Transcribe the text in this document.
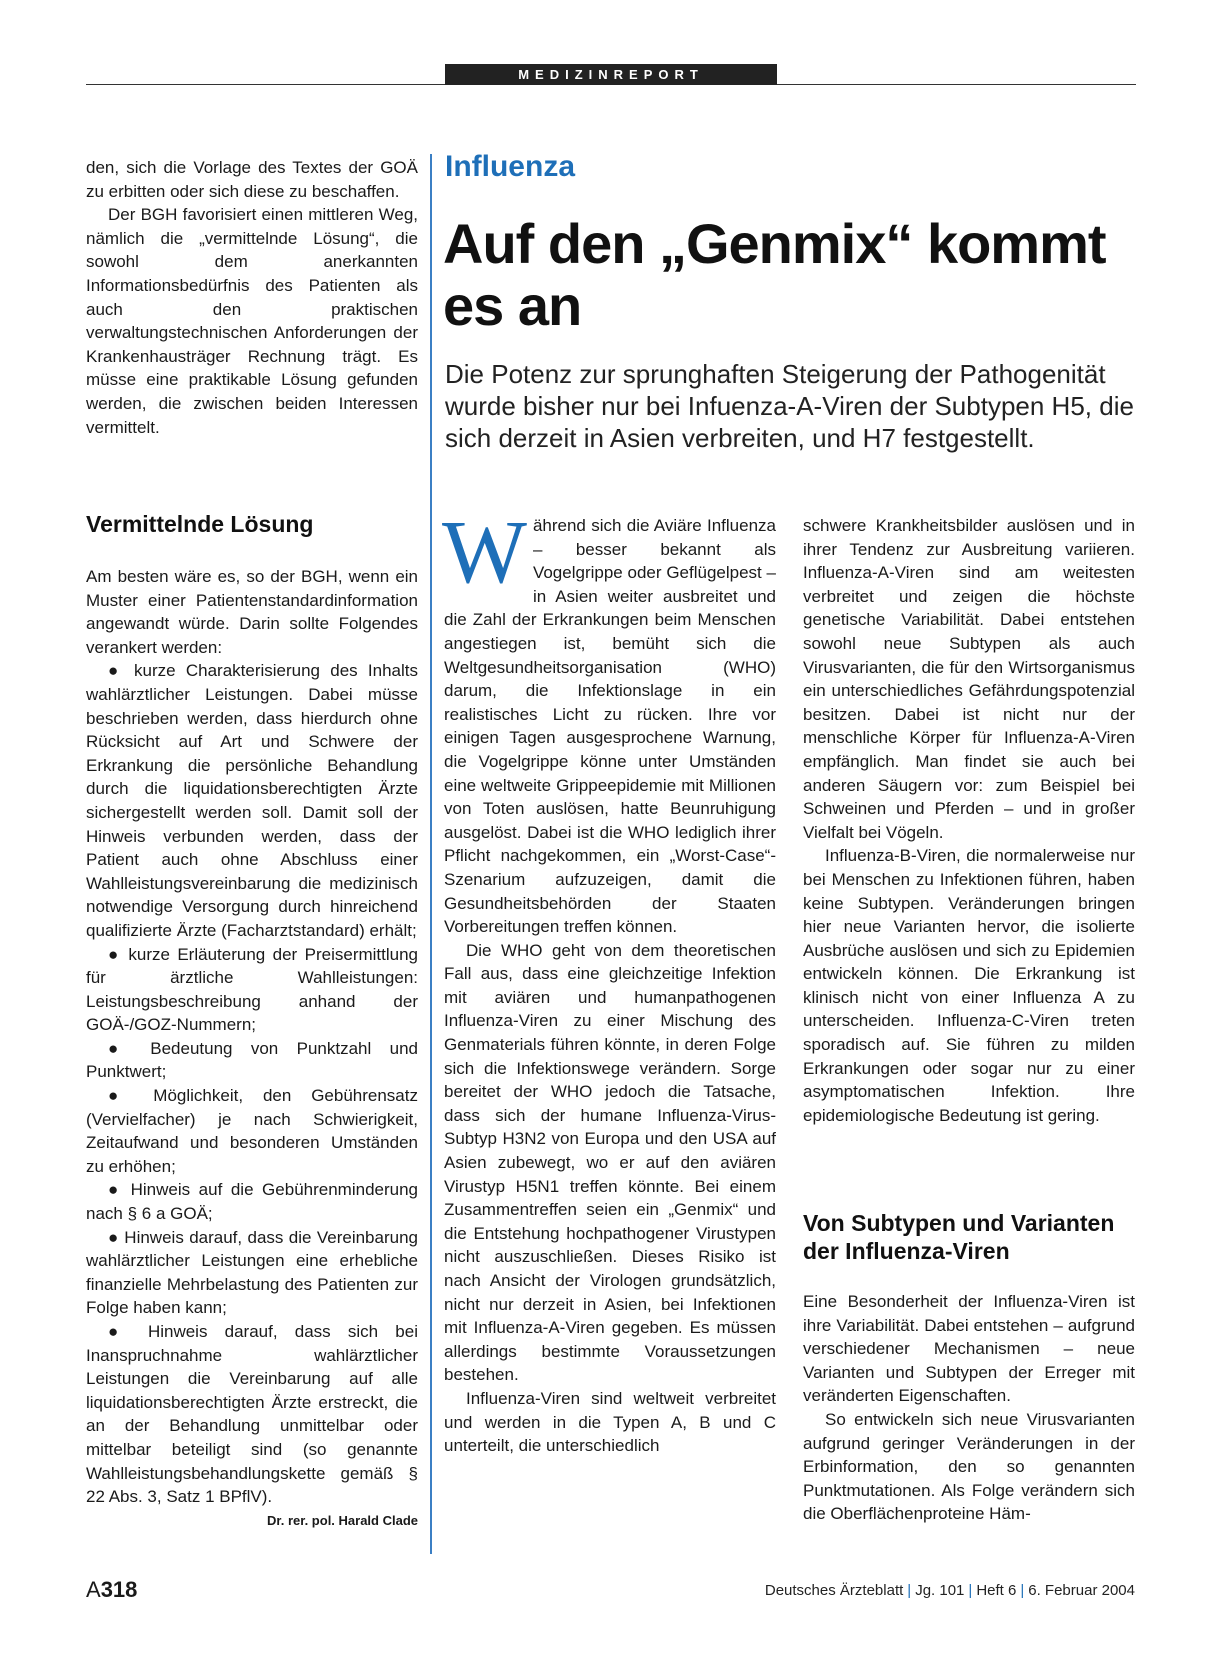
MEDIZINREPORT

den, sich die Vorlage des Textes der GOÄ zu erbitten oder sich diese zu beschaffen.

Der BGH favorisiert einen mittleren Weg, nämlich die „vermittelnde Lösung“, die sowohl dem anerkannten Informationsbedürfnis des Patienten als auch den praktischen verwaltungstechnischen Anforderungen der Krankenhausträger Rechnung trägt. Es müsse eine praktikable Lösung gefunden werden, die zwischen beiden Interessen vermittelt.

Vermittelnde Lösung

Am besten wäre es, so der BGH, wenn ein Muster einer Patientenstandardinformation angewandt würde. Darin sollte Folgendes verankert werden:

● kurze Charakterisierung des Inhalts wahlärztlicher Leistungen. Dabei müsse beschrieben werden, dass hierdurch ohne Rücksicht auf Art und Schwere der Erkrankung die persönliche Behandlung durch die liquidationsberechtigten Ärzte sichergestellt werden soll. Damit soll der Hinweis verbunden werden, dass der Patient auch ohne Abschluss einer Wahlleistungsvereinbarung die medizinisch notwendige Versorgung durch hinreichend qualifizierte Ärzte (Facharztstandard) erhält;

● kurze Erläuterung der Preisermittlung für ärztliche Wahlleistungen: Leistungsbeschreibung anhand der GOÄ-/GOZ-Nummern;

● Bedeutung von Punktzahl und Punktwert;

● Möglichkeit, den Gebührensatz (Vervielfacher) je nach Schwierigkeit, Zeitaufwand und besonderen Umständen zu erhöhen;

● Hinweis auf die Gebührenminderung nach § 6 a GOÄ;

● Hinweis darauf, dass die Vereinbarung wahlärztlicher Leistungen eine erhebliche finanzielle Mehrbelastung des Patienten zur Folge haben kann;

● Hinweis darauf, dass sich bei Inanspruchnahme wahlärztlicher Leistungen die Vereinbarung auf alle liquidationsberechtigten Ärzte erstreckt, die an der Behandlung unmittelbar oder mittelbar beteiligt sind (so genannte Wahlleistungsbehandlungskette gemäß § 22 Abs. 3, Satz 1 BPflV).

Dr. rer. pol. Harald Clade
Influenza
Auf den „Genmix“ kommt es an
Die Potenz zur sprunghaften Steigerung der Pathogenität wurde bisher nur bei Infuenza-A-Viren der Subtypen H5, die sich derzeit in Asien verbreiten, und H7 festgestellt.

Während sich die Aviäre Influenza – besser bekannt als Vogelgrippe oder Geflügelpest – in Asien weiter ausbreitet und die Zahl der Erkrankungen beim Menschen angestiegen ist, bemüht sich die Weltgesundheitsorganisation (WHO) darum, die Infektionslage in ein realistisches Licht zu rücken. Ihre vor einigen Tagen ausgesprochene Warnung, die Vogelgrippe könne unter Umständen eine weltweite Grippeepidemie mit Millionen von Toten auslösen, hatte Beunruhigung ausgelöst. Dabei ist die WHO lediglich ihrer Pflicht nachgekommen, ein „Worst-Case“-Szenarium aufzuzeigen, damit die Gesundheitsbehörden der Staaten Vorbereitungen treffen können.

Die WHO geht von dem theoretischen Fall aus, dass eine gleichzeitige Infektion mit aviären und humanpathogenen Influenza-Viren zu einer Mischung des Genmaterials führen könnte, in deren Folge sich die Infektionswege verändern. Sorge bereitet der WHO jedoch die Tatsache, dass sich der humane Influenza-Virus-Subtyp H3N2 von Europa und den USA auf Asien zubewegt, wo er auf den aviären Virustyp H5N1 treffen könnte. Bei einem Zusammentreffen seien ein „Genmix“ und die Entstehung hochpathogener Virustypen nicht auszuschließen. Dieses Risiko ist nach Ansicht der Virologen grundsätzlich, nicht nur derzeit in Asien, bei Infektionen mit Influenza-A-Viren gegeben. Es müssen allerdings bestimmte Voraussetzungen bestehen.

Influenza-Viren sind weltweit verbreitet und werden in die Typen A, B und C unterteilt, die unterschiedlich

schwere Krankheitsbilder auslösen und in ihrer Tendenz zur Ausbreitung variieren. Influenza-A-Viren sind am weitesten verbreitet und zeigen die höchste genetische Variabilität. Dabei entstehen sowohl neue Subtypen als auch Virusvarianten, die für den Wirtsorganismus ein unterschiedliches Gefährdungspotenzial besitzen. Dabei ist nicht nur der menschliche Körper für Influenza-A-Viren empfänglich. Man findet sie auch bei anderen Säugern vor: zum Beispiel bei Schweinen und Pferden – und in großer Vielfalt bei Vögeln.

Influenza-B-Viren, die normalerweise nur bei Menschen zu Infektionen führen, haben keine Subtypen. Veränderungen bringen hier neue Varianten hervor, die isolierte Ausbrüche auslösen und sich zu Epidemien entwickeln können. Die Erkrankung ist klinisch nicht von einer Influenza A zu unterscheiden. Influenza-C-Viren treten sporadisch auf. Sie führen zu milden Erkrankungen oder sogar nur zu einer asymptomatischen Infektion. Ihre epidemiologische Bedeutung ist gering.

Von Subtypen und Varianten der Influenza-Viren

Eine Besonderheit der Influenza-Viren ist ihre Variabilität. Dabei entstehen – aufgrund verschiedener Mechanismen – neue Varianten und Subtypen der Erreger mit veränderten Eigenschaften.

So entwickeln sich neue Virusvarianten aufgrund geringer Veränderungen in der Erbinformation, den so genannten Punktmutationen. Als Folge verändern sich die Oberflächenproteine Häm-

A318	Deutsches Ärzteblatt | Jg. 101 | Heft 6 | 6. Februar 2004
